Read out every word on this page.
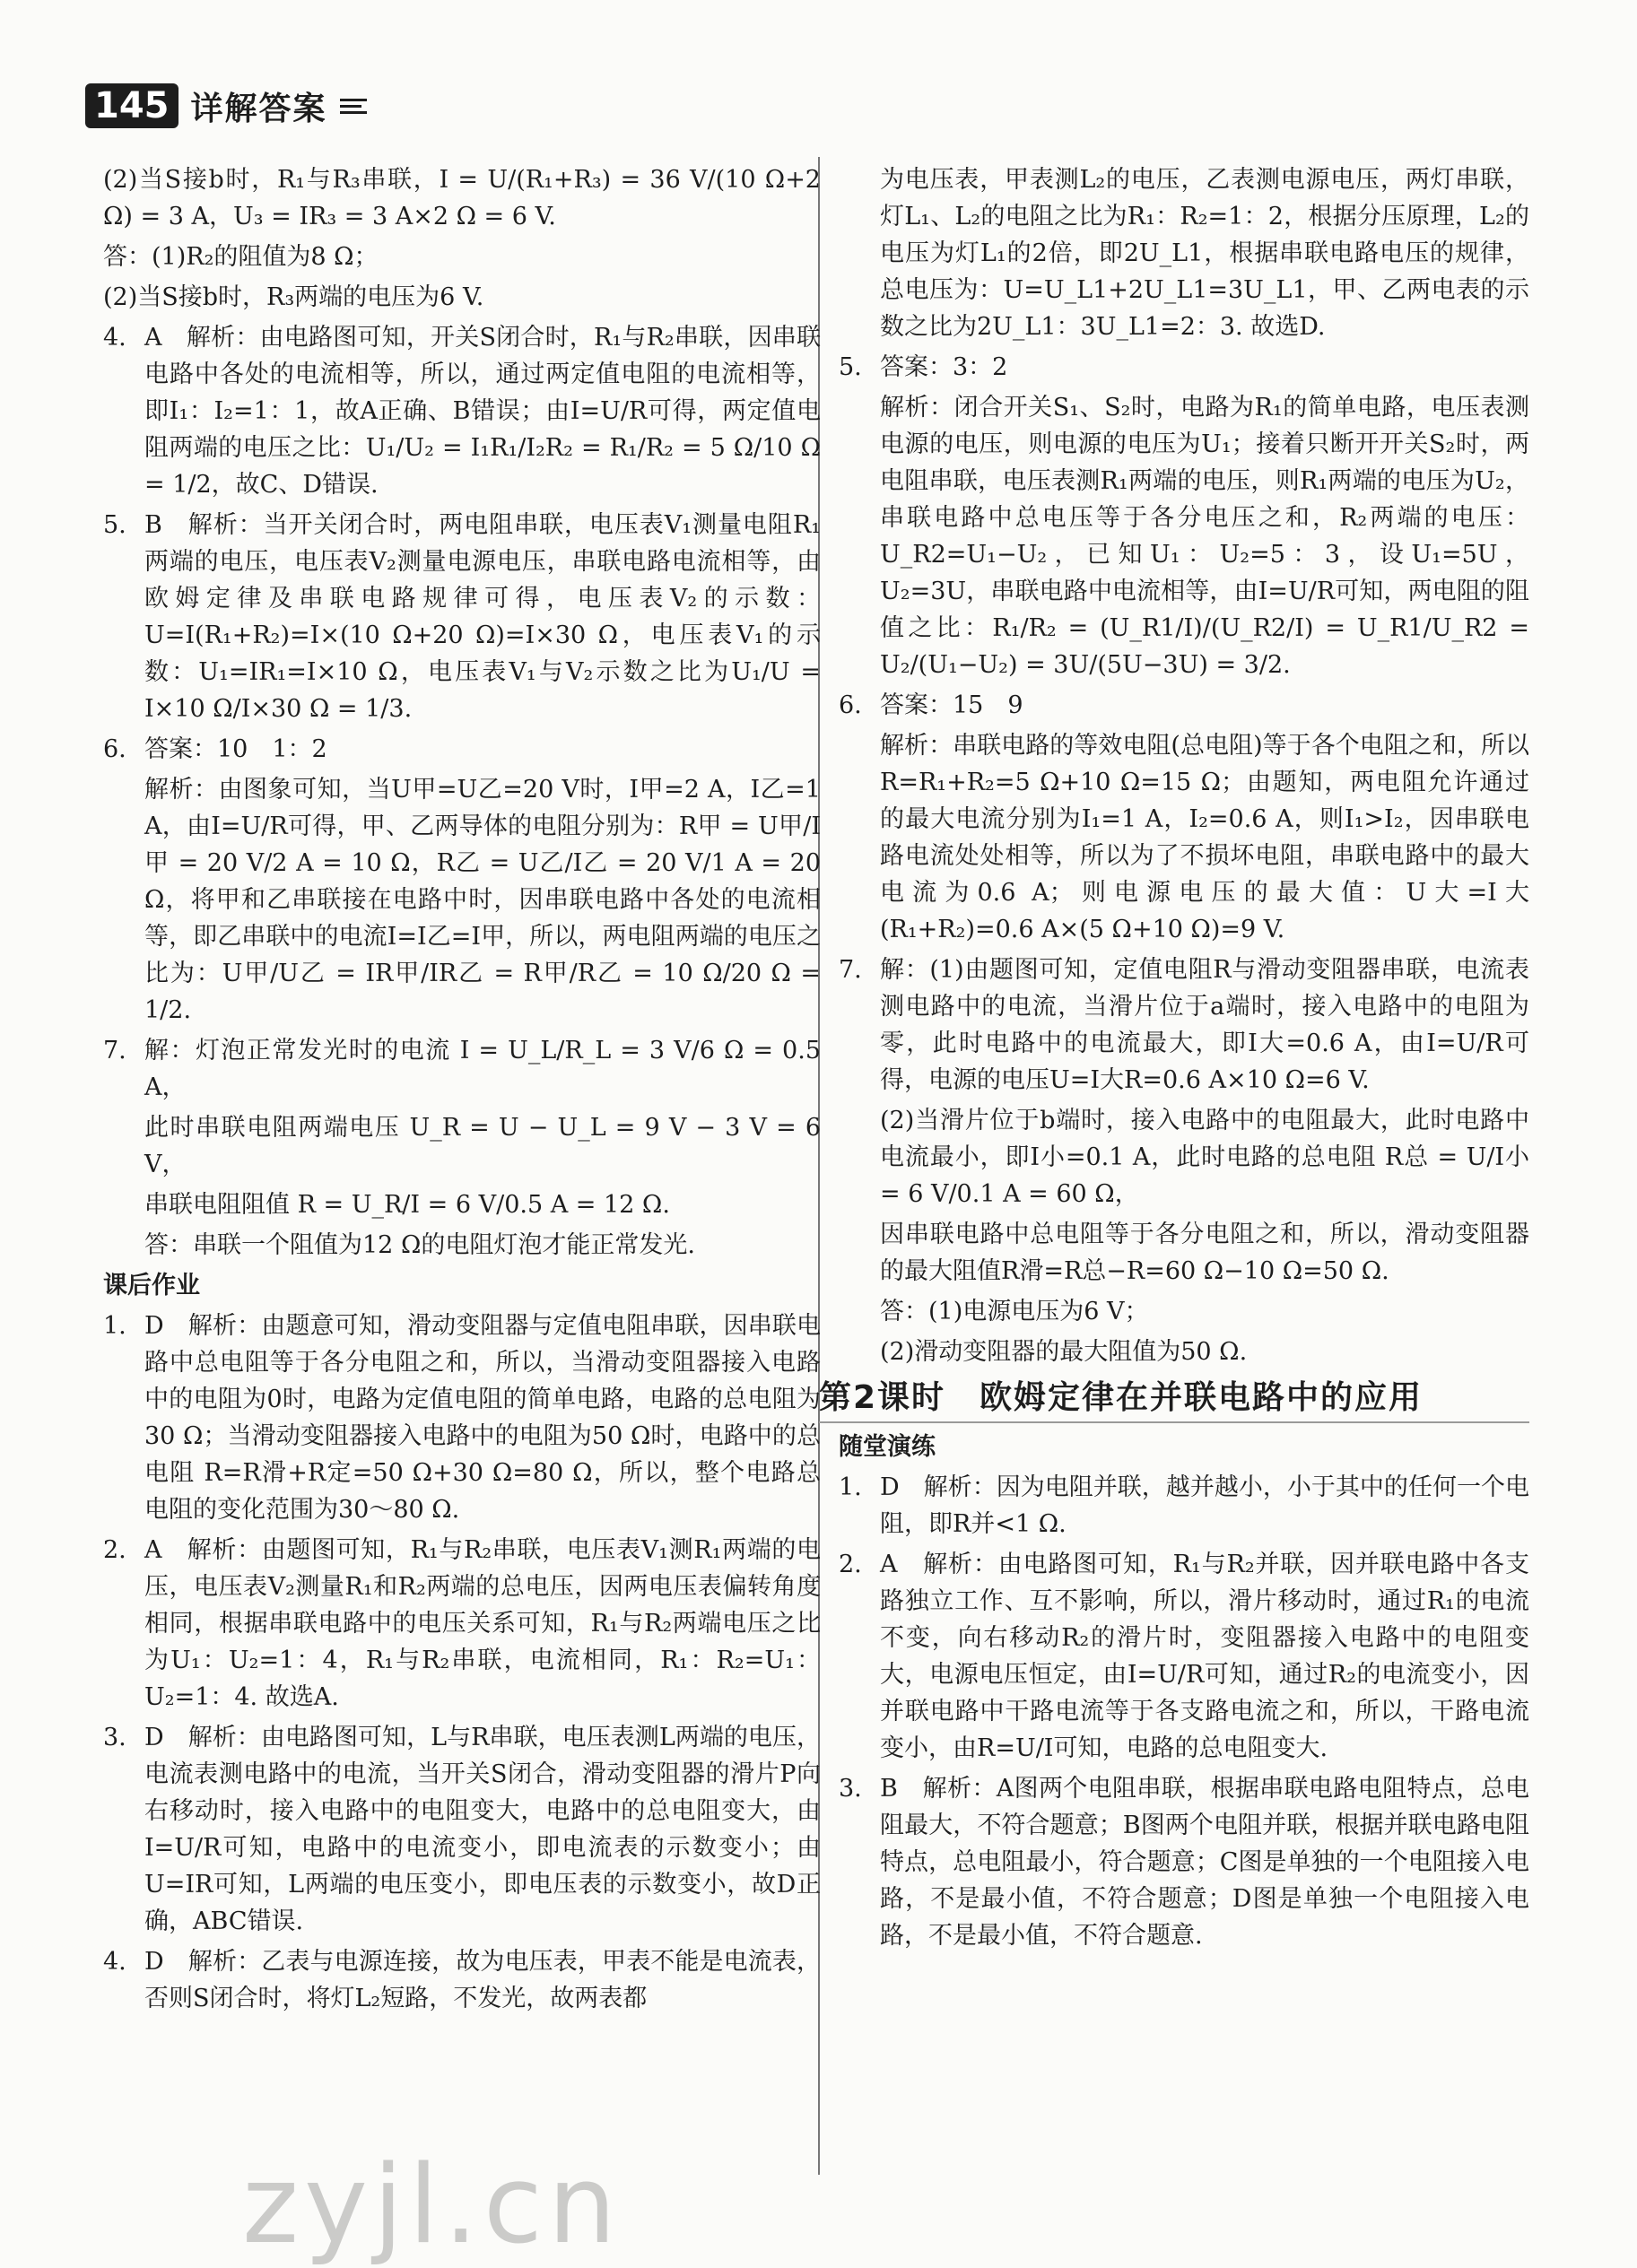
145 详解答案
(2)当S接b时，R₁与R₃串联，I = U/(R₁+R₃) = 36 V/(10 Ω+2 Ω) = 3 A，U₃ = IR₃ = 3 A×2 Ω = 6 V.
答：(1)R₂的阻值为8 Ω；
(2)当S接b时，R₃两端的电压为6 V.
4. A　解析：由电路图可知，开关S闭合时，R₁与R₂串联，因串联电路中各处的电流相等，所以，通过两定值电阻的电流相等，即I₁：I₂=1：1，故A正确、B错误；由I=U/R可得，两定值电阻两端的电压之比：U₁/U₂ = I₁R₁/I₂R₂ = R₁/R₂ = 5 Ω/10 Ω = 1/2，故C、D错误.
5. B　解析：当开关闭合时，两电阻串联，电压表V₁测量电阻R₁两端的电压，电压表V₂测量电源电压，串联电路电流相等，由欧姆定律及串联电路规律可得，电压表V₂的示数：U=I(R₁+R₂)=I×(10 Ω+20 Ω)=I×30 Ω，电压表V₁的示数：U₁=IR₁=I×10 Ω，电压表V₁与V₂示数之比为U₁/U = I×10 Ω/I×30 Ω = 1/3.
6. 答案：10　1：2
解析：由图象可知，当U甲=U乙=20 V时，I甲=2 A，I乙=1 A，由I=U/R可得，甲、乙两导体的电阻分别为：R甲 = U甲/I甲 = 20 V/2 A = 10 Ω，R乙 = U乙/I乙 = 20 V/1 A = 20 Ω，将甲和乙串联接在电路中时，因串联电路中各处的电流相等，即乙串联中的电流I=I乙=I甲，所以，两电阻两端的电压之比为：U甲/U乙 = IR甲/IR乙 = R甲/R乙 = 10 Ω/20 Ω = 1/2.
7. 解：灯泡正常发光时的电流 I = U_L/R_L = 3 V/6 Ω = 0.5 A，
此时串联电阻两端电压 U_R = U − U_L = 9 V − 3 V = 6 V，
串联电阻阻值 R = U_R/I = 6 V/0.5 A = 12 Ω.
答：串联一个阻值为12 Ω的电阻灯泡才能正常发光.
课后作业
1. D　解析：由题意可知，滑动变阻器与定值电阻串联，因串联电路中总电阻等于各分电阻之和，所以，当滑动变阻器接入电路中的电阻为0时，电路为定值电阻的简单电路，电路的总电阻为30 Ω；当滑动变阻器接入电路中的电阻为50 Ω时，电路中的总电阻 R=R滑+R定=50 Ω+30 Ω=80 Ω，所以，整个电路总电阻的变化范围为30～80 Ω.
2. A　解析：由题图可知，R₁与R₂串联，电压表V₁测R₁两端的电压，电压表V₂测量R₁和R₂两端的总电压，因两电压表偏转角度相同，根据串联电路中的电压关系可知，R₁与R₂两端电压之比为U₁：U₂=1：4，R₁与R₂串联，电流相同，R₁：R₂=U₁：U₂=1：4. 故选A.
3. D　解析：由电路图可知，L与R串联，电压表测L两端的电压，电流表测电路中的电流，当开关S闭合，滑动变阻器的滑片P向右移动时，接入电路中的电阻变大，电路中的总电阻变大，由I=U/R可知，电路中的电流变小，即电流表的示数变小；由U=IR可知，L两端的电压变小，即电压表的示数变小，故D正确，ABC错误.
4. D　解析：乙表与电源连接，故为电压表，甲表不能是电流表，否则S闭合时，将灯L₂短路，不发光，故两表都
为电压表，甲表测L₂的电压，乙表测电源电压，两灯串联，灯L₁、L₂的电阻之比为R₁：R₂=1：2，根据分压原理，L₂的电压为灯L₁的2倍，即2U_L1，根据串联电路电压的规律，总电压为：U=U_L1+2U_L1=3U_L1，甲、乙两电表的示数之比为2U_L1：3U_L1=2：3. 故选D.
5. 答案：3：2
解析：闭合开关S₁、S₂时，电路为R₁的简单电路，电压表测电源的电压，则电源的电压为U₁；接着只断开开关S₂时，两电阻串联，电压表测R₁两端的电压，则R₁两端的电压为U₂，串联电路中总电压等于各分电压之和，R₂两端的电压：U_R2=U₁−U₂，已知U₁：U₂=5：3，设U₁=5U，U₂=3U，串联电路中电流相等，由I=U/R可知，两电阻的阻值之比：R₁/R₂ = (U_R1/I)/(U_R2/I) = U_R1/U_R2 = U₂/(U₁−U₂) = 3U/(5U−3U) = 3/2.
6. 答案：15　9
解析：串联电路的等效电阻(总电阻)等于各个电阻之和，所以R=R₁+R₂=5 Ω+10 Ω=15 Ω；由题知，两电阻允许通过的最大电流分别为I₁=1 A，I₂=0.6 A，则I₁>I₂，因串联电路电流处处相等，所以为了不损坏电阻，串联电路中的最大电流为0.6 A；则电源电压的最大值：U大=I大(R₁+R₂)=0.6 A×(5 Ω+10 Ω)=9 V.
7. 解：(1)由题图可知，定值电阻R与滑动变阻器串联，电流表测电路中的电流，当滑片位于a端时，接入电路中的电阻为零，此时电路中的电流最大，即I大=0.6 A，由I=U/R可得，电源的电压U=I大R=0.6 A×10 Ω=6 V.
(2)当滑片位于b端时，接入电路中的电阻最大，此时电路中电流最小，即I小=0.1 A，此时电路的总电阻 R总 = U/I小 = 6 V/0.1 A = 60 Ω，
因串联电路中总电阻等于各分电阻之和，所以，滑动变阻器的最大阻值R滑=R总−R=60 Ω−10 Ω=50 Ω.
答：(1)电源电压为6 V；
(2)滑动变阻器的最大阻值为50 Ω.
第2课时　欧姆定律在并联电路中的应用
随堂演练
1. D　解析：因为电阻并联，越并越小，小于其中的任何一个电阻，即R并<1 Ω.
2. A　解析：由电路图可知，R₁与R₂并联，因并联电路中各支路独立工作、互不影响，所以，滑片移动时，通过R₁的电流不变，向右移动R₂的滑片时，变阻器接入电路中的电阻变大，电源电压恒定，由I=U/R可知，通过R₂的电流变小，因并联电路中干路电流等于各支路电流之和，所以，干路电流变小，由R=U/I可知，电路的总电阻变大.
3. B　解析：A图两个电阻串联，根据串联电路电阻特点，总电阻最大，不符合题意；B图两个电阻并联，根据并联电路电阻特点，总电阻最小，符合题意；C图是单独的一个电阻接入电路，不是最小值，不符合题意；D图是单独一个电阻接入电路，不是最小值，不符合题意.
zyjl.cn
